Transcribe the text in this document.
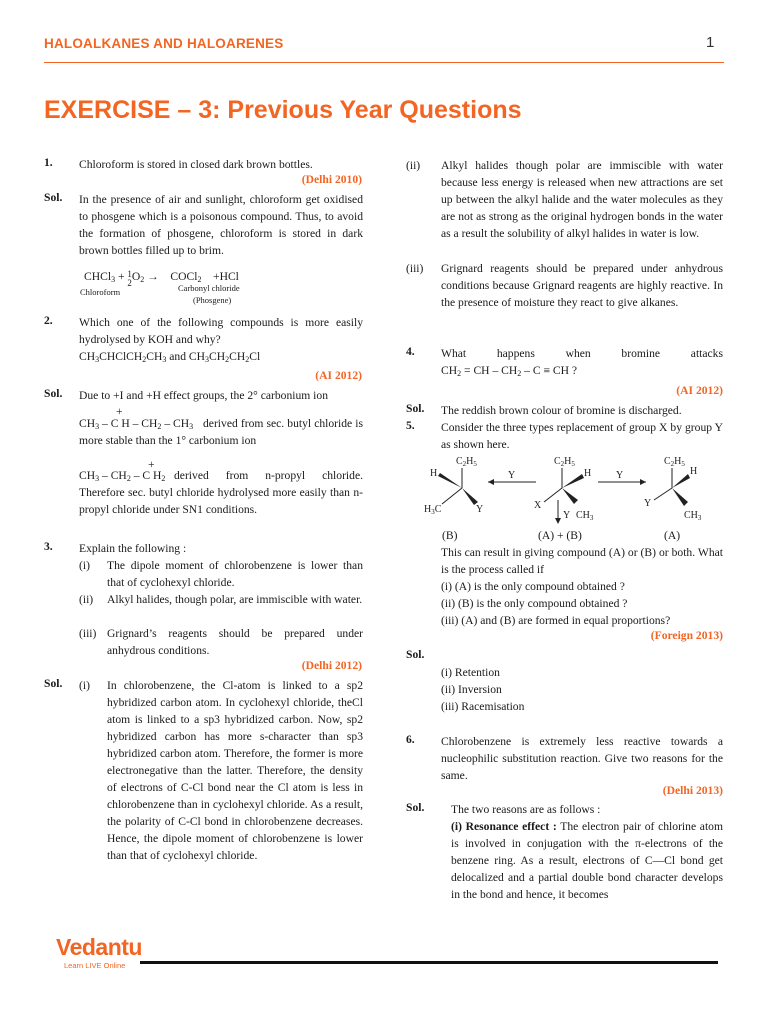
HALOALKANES AND HALOARENES	1
EXERCISE – 3: Previous Year Questions
1. Chloroform is stored in closed dark brown bottles.
(Delhi 2010)
Sol. In the presence of air and sunlight, chloroform get oxidised to phosgene which is a poisonous compound. Thus, to avoid the formation of phosgene, chloroform is stored in dark brown bottles filled up to brim.
CHCl$_3$ + 1
$2O_2$ →    COCl$_2$    +HCl
Chloroform	Carbonyl chloride
(Phosgene)
2. Which one of the following compounds is more easily hydrolysed by KOH and why?
$CH_3CHClCH_2CH_3$ and $CH_3CH_2CH_2Cl$
(AI 2012)
Sol. Due to +I and +H effect groups, the 2° carbonium ion
+
$CH_3$ – C H – $CH_2 - CH_3$ derived from sec. butyl chloride is more stable than the 1° carbonium ion
+
$CH_3 - CH_2$ – C $H_2$ derived from n-propyl chloride. Therefore sec. butyl chloride hydrolysed more easily than n-propyl chloride under SN1 conditions.
3. Explain the following :
(i) The dipole moment of chlorobenzene is lower than that of cyclohexyl chloride.
(ii) Alkyl halides, though polar, are immiscible with water.
(iii) Grignard’s reagents should be prepared under anhydrous conditions.
(Delhi 2012)
Sol. (i) In chlorobenzene, the Cl-atom is linked to a sp2 hybridized carbon atom. In cyclohexyl chloride, theCl atom is linked to a sp3 hybridized carbon. Now, sp2 hybridized carbon has more s-character than sp3 hybridized carbon atom. Therefore, the former is more electronegative than the latter. Therefore, the density of electrons of C-Cl bond near the Cl atom is less in chlorobenzene than in cyclohexyl chloride. As a result, the polarity of C-Cl bond in chlorobenzene decreases. Hence, the dipole moment of chlorobenzene is lower than that of cyclohexyl chloride.
(ii) Alkyl halides though polar are immiscible with water because less energy is released when new attractions are set up between the alkyl halide and the water molecules as they are not as strong as the original hydrogen bonds in the water as a result the solubility of alkyl halides in water is low.
(iii) Grignard reagents should be prepared under anhydrous conditions because Grignard reagents are highly reactive. In the presence of moisture they react to give alkanes.
4. What happens when bromine attacks
$CH_2$ = CH – $CH_2$ – C ≡ CH ?
(AI 2012)
Sol. The reddish brown colour of bromine is discharged.
5. Consider the three types replacement of group X by group Y as shown here.
$C_2H_5$
H
$H_3C$	Y
Y
$C_2H_5$
H
X
$CH_3$
Y
Y
$C_2H_5$
H
Y
$CH_3$
(B)	(A) + (B)	(A)
This can result in giving compound (A) or (B) or both. What is the process called if
(i) (A) is the only compound obtained ?
(ii) (B) is the only compound obtained ?
(iii) (A) and (B) are formed in equal proportions?
(Foreign 2013)
Sol.
(i) Retention
(ii) Inversion
(iii) Racemisation
6. Chlorobenzene is extremely less reactive towards a nucleophilic substitution reaction. Give two reasons for the same.
(Delhi 2013)
Sol. The two reasons are as follows :
(i) Resonance effect : The electron pair of chlorine atom is involved in conjugation with the π-electrons of the benzene ring. As a result, electrons of C—Cl bond get delocalized and a partial double bond character develops in the bond and hence, it becomes
Vedantu
Learn LIVE Online
